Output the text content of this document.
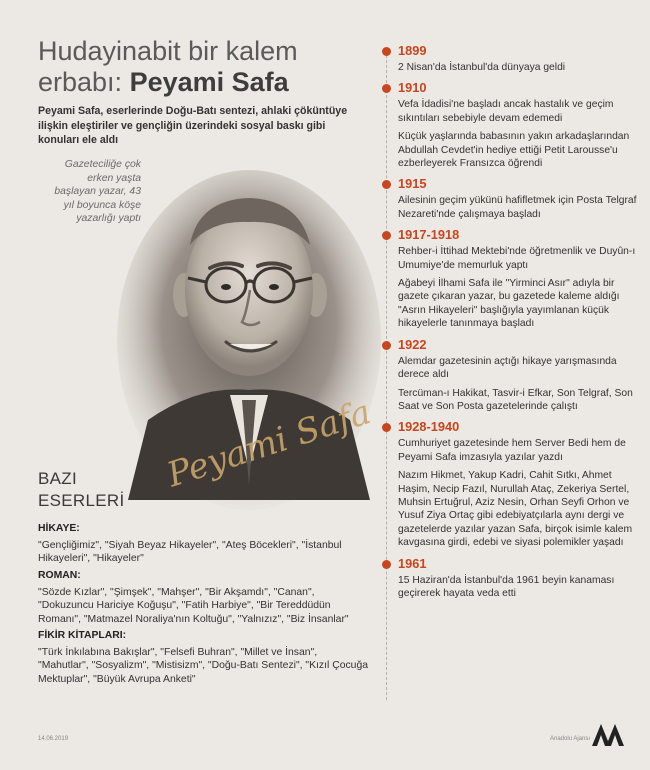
Hudayinabit bir kalem erbabı: Peyami Safa
Peyami Safa, eserlerinde Doğu-Batı sentezi, ahlaki çöküntüye ilişkin eleştiriler ve gençliğin üzerindeki sosyal baskı gibi konuları ele aldı
Gazeteciliğe çok erken yaşta başlayan yazar, 43 yıl boyunca köşe yazarlığı yaptı
Peyami Safa
BAZI
ESERLERİ
HİKAYE:
"Gençliğimiz", "Siyah Beyaz Hikayeler", "Ateş Böcekleri", "İstanbul Hikayeleri", "Hikayeler"
ROMAN:
"Sözde Kızlar", "Şimşek", "Mahşer", "Bir Akşamdı", "Canan", "Dokuzuncu Hariciye Koğuşu", "Fatih Harbiye", "Bir Tereddüdün Romanı", "Matmazel Noraliya'nın Koltuğu", "Yalnızız", "Biz İnsanlar"
FİKİR KİTAPLARI:
"Türk İnkılabına Bakışlar", "Felsefi Buhran", "Millet ve İnsan", "Mahutlar", "Sosyalizm", "Mistisizm", "Doğu-Batı Sentezi", "Kızıl Çocuğa Mektuplar", "Büyük Avrupa Anketi"
1899
2 Nisan'da İstanbul'da dünyaya geldi
1910
Vefa İdadisi'ne başladı ancak hastalık ve geçim sıkıntıları sebebiyle devam edemedi
Küçük yaşlarında babasının yakın arkadaşlarından Abdullah Cevdet'in hediye ettiği Petit Larousse'u ezberleyerek Fransızca öğrendi
1915
Ailesinin geçim yükünü hafifletmek için Posta Telgraf Nezareti'nde çalışmaya başladı
1917-1918
Rehber-i İttihad Mektebi'nde öğretmenlik ve Duyûn-ı Umumiye'de memurluk yaptı
Ağabeyi İlhami Safa ile "Yirminci Asır" adıyla bir gazete çıkaran yazar, bu gazetede kaleme aldığı "Asrın Hikayeleri" başlığıyla yayımlanan küçük hikayelerle tanınmaya başladı
1922
Alemdar gazetesinin açtığı hikaye yarışmasında derece aldı
Tercüman-ı Hakikat, Tasvir-i Efkar, Son Telgraf, Son Saat ve Son Posta gazetelerinde çalıştı
1928-1940
Cumhuriyet gazetesinde hem Server Bedi hem de Peyami Safa imzasıyla yazılar yazdı
Nazım Hikmet, Yakup Kadri, Cahit Sıtkı, Ahmet Haşim, Necip Fazıl, Nurullah Ataç, Zekeriya Sertel, Muhsin Ertuğrul, Aziz Nesin, Orhan Seyfi Orhon ve Yusuf Ziya Ortaç gibi edebiyatçılarla aynı dergi ve gazetelerde yazılar yazan Safa, birçok isimle kalem kavgasına girdi, edebi ve siyasi polemikler yaşadı
1961
15 Haziran'da İstanbul'da 1961 beyin kanaması geçirerek hayata veda etti
14.06.2019	Anadolu Ajansı
